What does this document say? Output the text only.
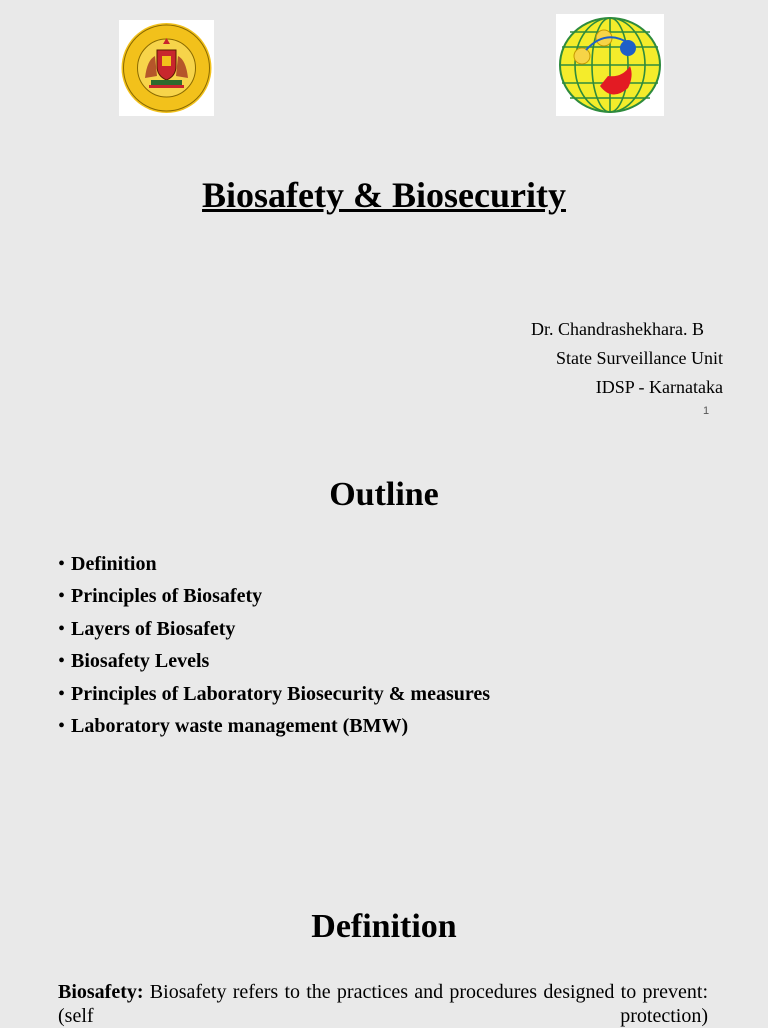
Biosafety & Biosecurity
Dr. Chandrashekhara. B
State Surveillance Unit
IDSP - Karnataka
1
Outline
• Definition
• Principles of Biosafety
• Layers of Biosafety
• Biosafety Levels
• Principles of Laboratory Biosecurity & measures
• Laboratory waste management (BMW)
Definition

Biosafety: Biosafety refers to the practices and procedures designed to prevent: (self protection)
